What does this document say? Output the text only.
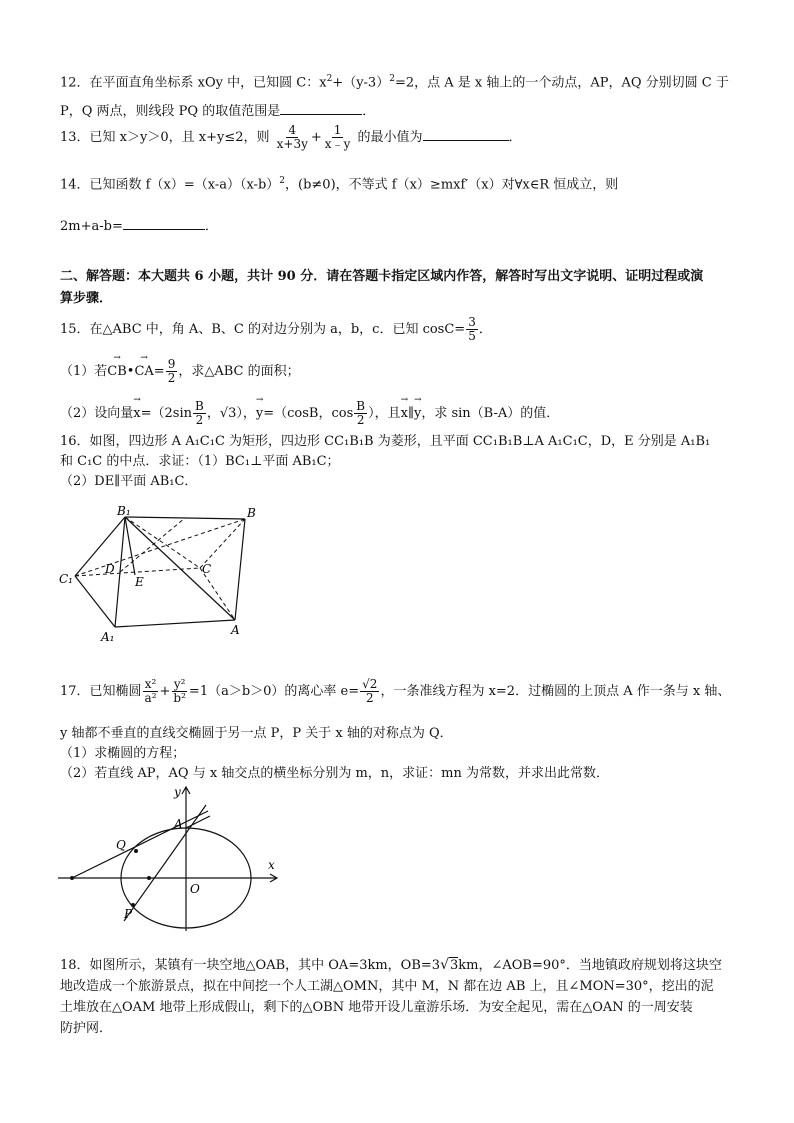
12．在平面直角坐标系 xOy 中，已知圆 C：$x^2+(y-3)^2=2$，点 A 是 x 轴上的一个动点，AP，AQ 分别切圆 C 于
P，Q 两点，则线段 PQ 的取值范围是	．
13．已知 x＞y＞0，且 x+y≤2，则 $\frac{4}{x+3y} + \frac{1}{x﹣y}$ 的最小值为	．
14．已知函数 $f(x)=(x-a)(x-b)^2$，(b≠0)，不等式 f（x）≥mxf′（x）对∀x∈R 恒成立，则
2m+a-b=	．
二、解答题：本大题共 6 小题，共计 90 分．请在答题卡指定区域内作答，解答时写出文字说明、证明过程或演
算步骤．
15．在△ABC 中，角 A、B、C 的对边分别为 a，b，c．已知 $\cos C= \frac{3}{5}$ ．
（1）若→ CB•→ $CA= \frac{9}{2}$ ，求△ABC 的面积；
（2）设向量→ $x=(2\sin \frac{B}{2}$ ，√3），→ y=（cosB，$\cos \frac{B}{2}$ ），且→ x∥→ y，求 sin（B-A）的值．
16．如图，四边形 A A₁C₁C 为矩形，四边形 CC₁B₁B 为菱形，且平面 CC₁B₁B⊥A A₁C₁C，D，E 分别是 A₁B₁
和 C₁C 的中点．求证：（1）BC₁⊥平面 AB₁C；
（2）DE∥平面 AB₁C．
B₁	B
C₁
D
E
C
A₁	A
17．已知椭圆 $\frac{\text{x²}}{\text{a²}} + \frac{\text{y²}}{\text{b²}} =1(a>b>0)$的离心率 $e= \frac{√2}{2}$ ，一条准线方程为 x=2．过椭圆的上顶点 A 作一条与 x 轴、
y 轴都不垂直的直线交椭圆于另一点 P，P 关于 x 轴的对称点为 Q．
（1）求椭圆的方程；
（2）若直线 AP，AQ 与 x 轴交点的横坐标分别为 m，n，求证：mn 为常数，并求出此常数．
y
x
A
Q
O
P
18．如图所示，某镇有一块空地△OAB，其中 OA=3km，OB=3√3km，∠AOB=90°．当地镇政府规划将这块空
地改造成一个旅游景点，拟在中间挖一个人工湖△OMN，其中 M，N 都在边 AB 上，且∠MON=30°，挖出的泥
土堆放在△OAM 地带上形成假山，剩下的△OBN 地带开设儿童游乐场．为安全起见，需在△OAN 的一周安装
防护网．
